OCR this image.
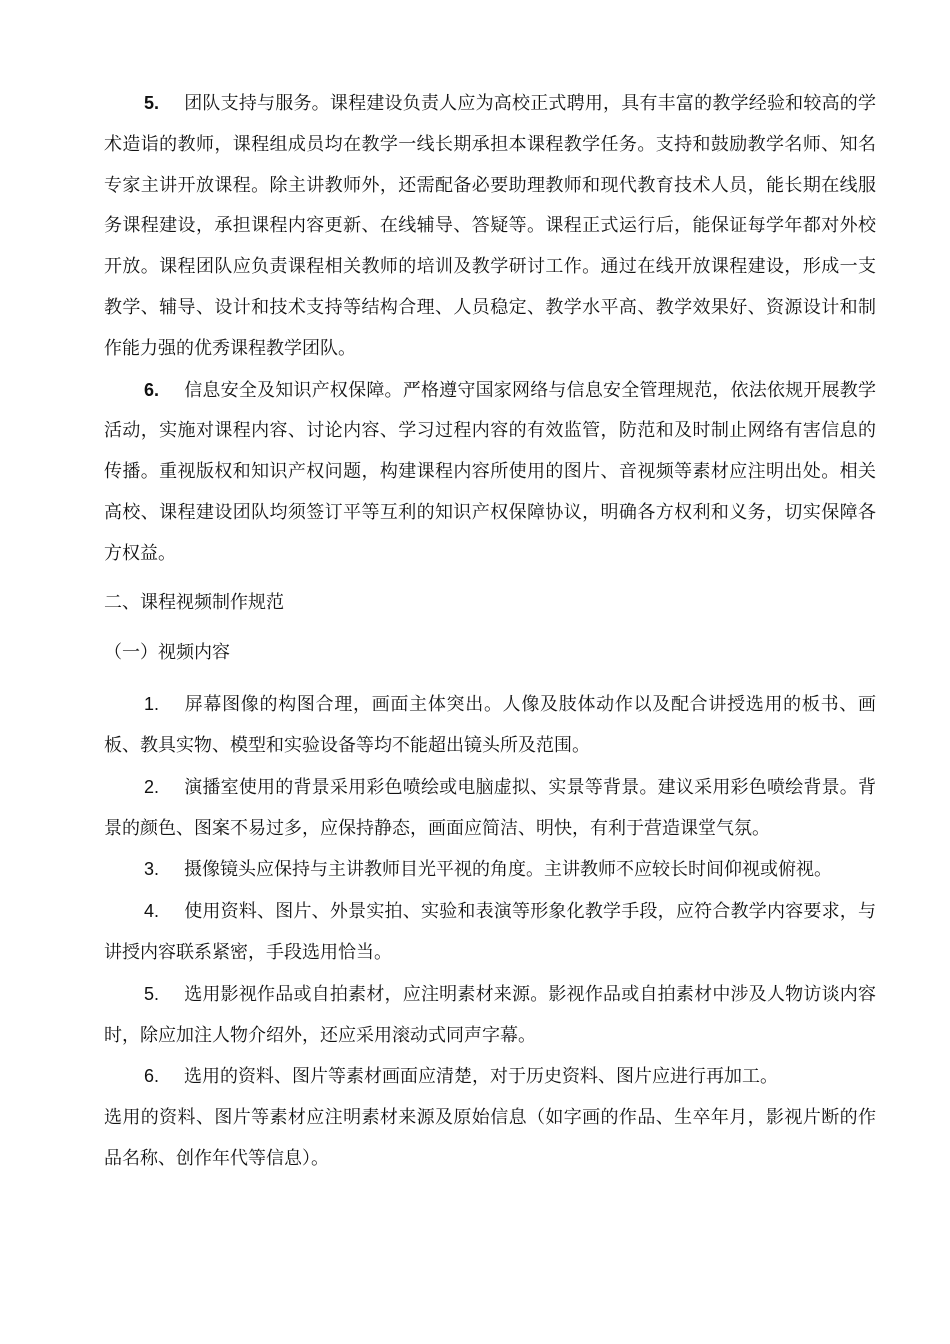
5. 团队支持与服务。课程建设负责人应为高校正式聘用，具有丰富的教学经验和较高的学术造诣的教师，课程组成员均在教学一线长期承担本课程教学任务。支持和鼓励教学名师、知名专家主讲开放课程。除主讲教师外，还需配备必要助理教师和现代教育技术人员，能长期在线服务课程建设，承担课程内容更新、在线辅导、答疑等。课程正式运行后，能保证每学年都对外校开放。课程团队应负责课程相关教师的培训及教学研讨工作。通过在线开放课程建设，形成一支教学、辅导、设计和技术支持等结构合理、人员稳定、教学水平高、教学效果好、资源设计和制作能力强的优秀课程教学团队。

6. 信息安全及知识产权保障。严格遵守国家网络与信息安全管理规范，依法依规开展教学活动，实施对课程内容、讨论内容、学习过程内容的有效监管，防范和及时制止网络有害信息的传播。重视版权和知识产权问题，构建课程内容所使用的图片、音视频等素材应注明出处。相关高校、课程建设团队均须签订平等互利的知识产权保障协议，明确各方权利和义务，切实保障各方权益。

二、课程视频制作规范

（一）视频内容

1. 屏幕图像的构图合理，画面主体突出。人像及肢体动作以及配合讲授选用的板书、画板、教具实物、模型和实验设备等均不能超出镜头所及范围。

2. 演播室使用的背景采用彩色喷绘或电脑虚拟、实景等背景。建议采用彩色喷绘背景。背景的颜色、图案不易过多，应保持静态，画面应简洁、明快，有利于营造课堂气氛。

3. 摄像镜头应保持与主讲教师目光平视的角度。主讲教师不应较长时间仰视或俯视。

4. 使用资料、图片、外景实拍、实验和表演等形象化教学手段，应符合教学内容要求，与讲授内容联系紧密，手段选用恰当。

5. 选用影视作品或自拍素材，应注明素材来源。影视作品或自拍素材中涉及人物访谈内容时，除应加注人物介绍外，还应采用滚动式同声字幕。

6. 选用的资料、图片等素材画面应清楚，对于历史资料、图片应进行再加工。

选用的资料、图片等素材应注明素材来源及原始信息（如字画的作品、生卒年月，影视片断的作品名称、创作年代等信息）。
